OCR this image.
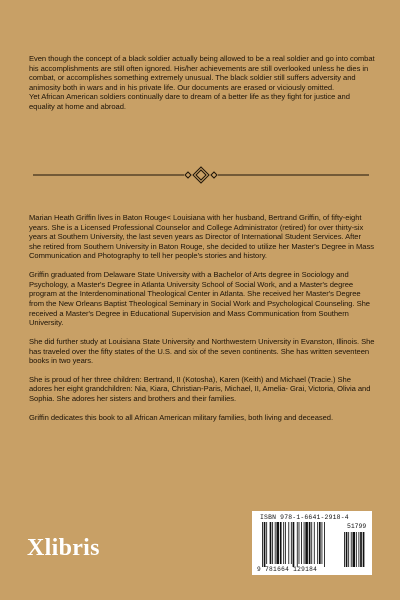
Even though the concept of a black soldier actually being allowed to be a real soldier and go into combat his accomplishments are still often ignored. His/her achievements are still overlooked unless he dies in combat, or accomplishes something extremely unusual. The black soldier still suffers adversity and animosity both in wars and in his private life. Our documents are erased or viciously omitted.

Yet African American soldiers continually dare to dream of a better life as they fight for justice and equality at home and abroad.

Marian Heath Griffin lives in Baton Rouge< Louisiana with her husband, Bertrand Griffin, of fifty-eight years. She is a Licensed Professional Counselor and College Administrator (retired) for over thirty-six years at Southern University, the last seven years as Director of International Student Services. After she retired from Southern University in Baton Rouge, she decided to utilize her Master's Degree in Mass Communication and Photography to tell her people's stories and history.

Griffin graduated from Delaware State University with a Bachelor of Arts degree in Sociology and Psychology, a Master's Degree in Atlanta University School of Social Work, and a Master's degree program at the Interdenominational Theological Center in Atlanta. She received her Master's Degree from the New Orleans Baptist Theological Seminary in Social Work and Psychological Counseling. She received a Master's Degree in Educational Supervision and Mass Communication from Southern University.

She did further study at Louisiana State University and Northwestern University in Evanston, Illinois. She has traveled over the fifty states of the U.S. and six of the seven continents. She has written seventeen books in two years.

She is proud of her three children: Bertrand, II (Kotosha), Karen (Keith) and Michael (Tracie.) She adores her eight grandchildren: Nia, Kiara, Christian-Paris, Michael, II, Amelia- Grai, Victoria, Olivia and Sophia. She adores her sisters and brothers and their families.

Griffin dedicates this book to all African American military families, both living and deceased.

Xlibris
ISBN 978-1-6641-2918-4
51799
9 781664 129184
